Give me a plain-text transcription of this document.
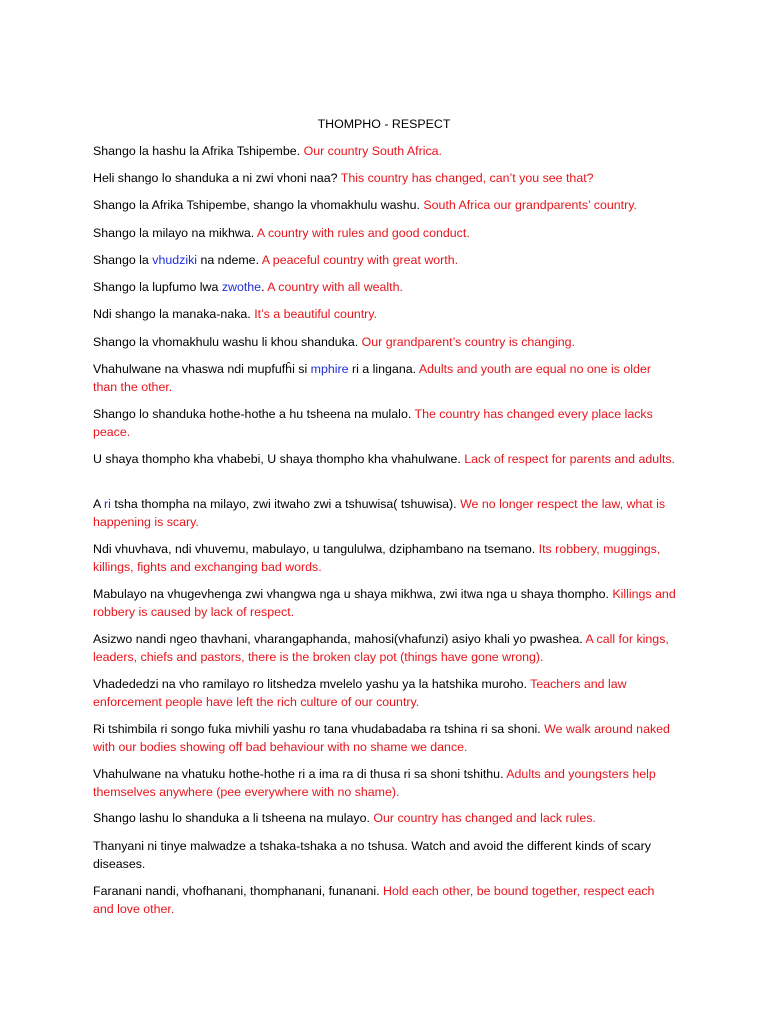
THOMPHO - RESPECT
Shango la hashu la Afrika Tshipembe. Our country South Africa.
Heli shango lo shanduka a ni zwi vhoni naa? This country has changed, can’t you see that?
Shango la Afrika Tshipembe, shango la vhomakhulu washu. South Africa our grandparents’ country.
Shango la milayo na mikhwa. A country with rules and good conduct.
Shango la vhudziki na ndeme. A peaceful country with great worth.
Shango la lupfumo lwa zwothe. A country with all wealth.
Ndi shango la manaka-naka. It’s a beautiful country.
Shango la vhomakhulu washu li khou shanduka. Our grandparent’s country is changing.
Vhahulwane na vhaswa ndi mupfufĥi si mphire ri a lingana. Adults and youth are equal no one is older than the other.
Shango lo shanduka hothe-hothe a hu tsheena na mulalo. The country has changed every place lacks peace.
U shaya thompho kha vhabebi, U shaya thompho kha vhahulwane. Lack of respect for parents and adults.
A ri tsha thompha na milayo, zwi itwaho zwi a tshuwisa( tshuwisa). We no longer respect the law, what is happening is scary.
Ndi vhuvhava, ndi vhuvemu, mabulayo, u tangululwa, dziphambano na tsemano. Its robbery, muggings, killings, fights and exchanging bad words.
Mabulayo na vhugevhenga zwi vhangwa nga u shaya mikhwa, zwi itwa nga u shaya thompho. Killings and robbery is caused by lack of respect.
Asizwo nandi ngeo thavhani, vharangaphanda, mahosi(vhafunzi) asiyo khali yo pwashea. A call for kings, leaders, chiefs and pastors, there is the broken clay pot (things have gone wrong).
Vhadededzi na vho ramilayo ro litshedza mvelelo yashu ya la hatshika muroho. Teachers and law enforcement people have left the rich culture of our country.
Ri tshimbila ri songo fuka mivhili yashu ro tana vhudabadaba ra tshina ri sa shoni. We walk around naked with our bodies showing off bad behaviour with no shame we dance.
Vhahulwane na vhatuku hothe-hothe ri a ima ra di thusa ri sa shoni tshithu. Adults and youngsters help themselves anywhere (pee everywhere with no shame).
Shango lashu lo shanduka a li tsheena na mulayo. Our country has changed and lack rules.
Thanyani ni tinye malwadze a tshaka-tshaka a no tshusa. Watch and avoid the different kinds of scary diseases.
Faranani nandi, vhofhanani, thomphanani, funanani. Hold each other, be bound together, respect each and love other.
